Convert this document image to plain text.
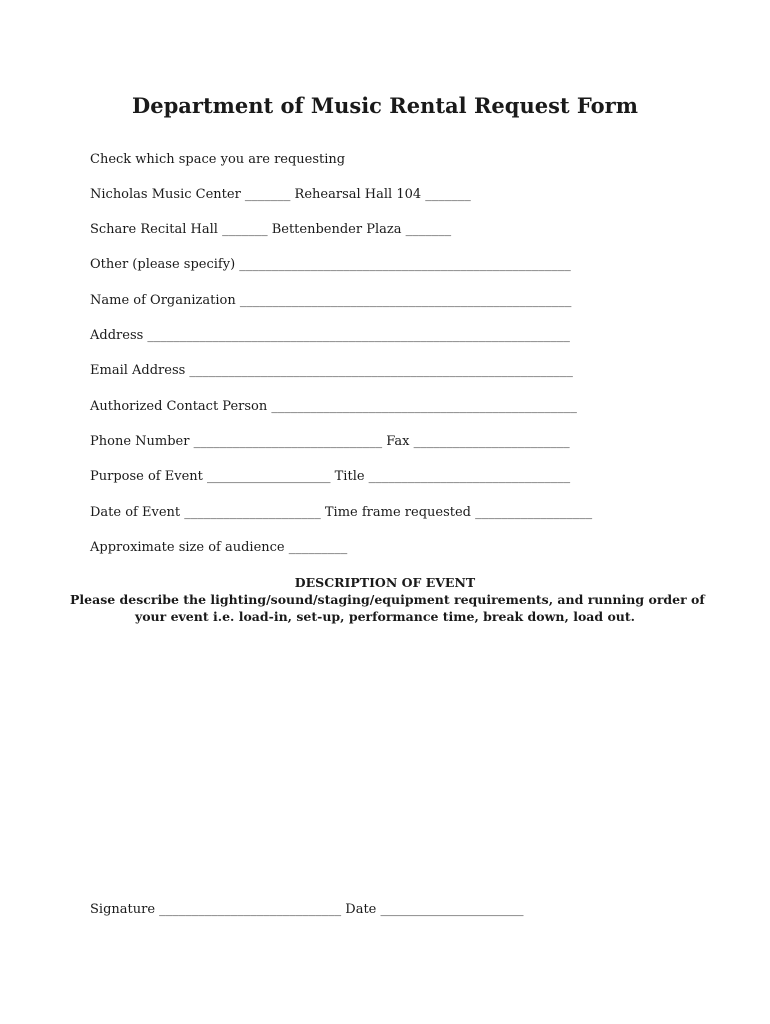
Department of Music Rental Request Form
Check which space you are requesting
Nicholas Music Center _______ Rehearsal Hall 104 _______
Schare Recital Hall _______ Bettenbender Plaza _______
Other (please specify) ___________________________________________________
Name of Organization ___________________________________________________
Address _________________________________________________________________
Email Address ___________________________________________________________
Authorized Contact Person _______________________________________________
Phone Number _____________________________ Fax ________________________
Purpose of Event ___________________ Title _______________________________
Date of Event _____________________ Time frame requested __________________
Approximate size of audience _________
DESCRIPTION OF EVENT
Please describe the lighting/sound/staging/equipment requirements, and running order of
your event i.e. load-in, set-up, performance time, break down, load out.
Signature ____________________________ Date ______________________
